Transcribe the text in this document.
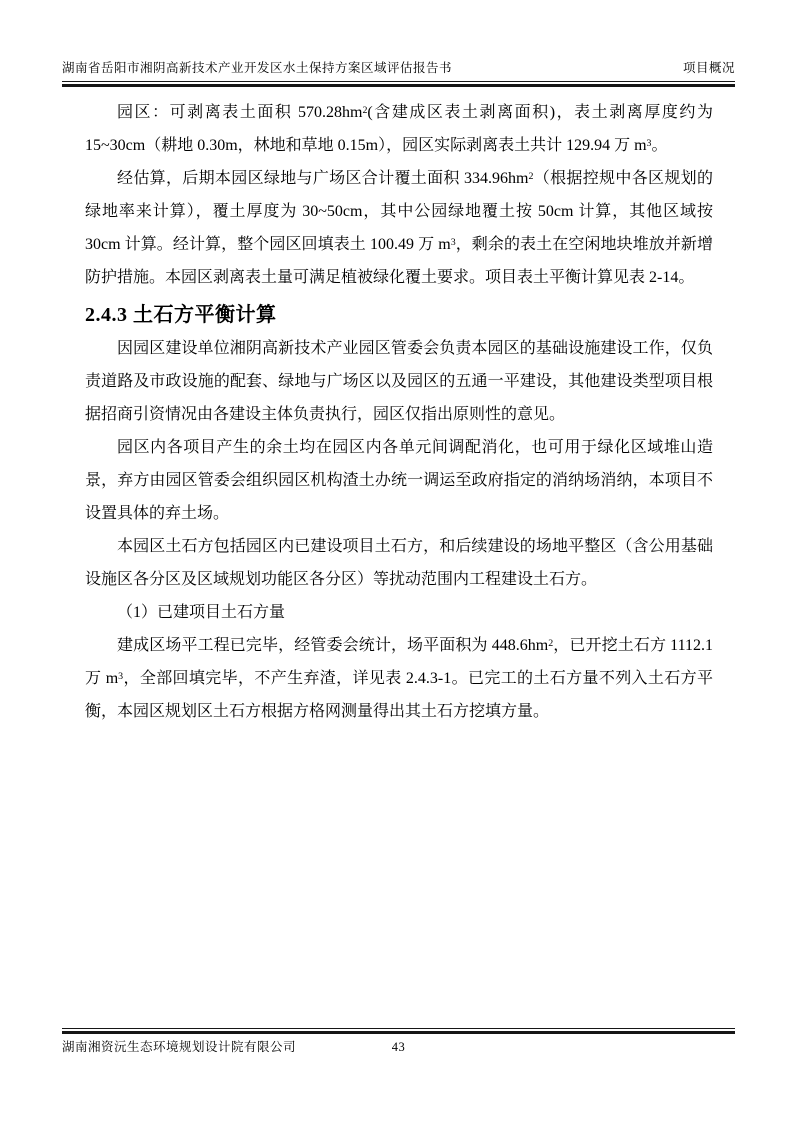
湖南省岳阳市湘阴高新技术产业开发区水土保持方案区域评估报告书	项目概况

园区：可剥离表土面积 $570.28hm^2$(含建成区表土剥离面积)，表土剥离厚度约为 15~30cm（耕地 0.30m，林地和草地 0.15m），园区实际剥离表土共计 129.94 万 $m^3$。

经估算，后期本园区绿地与广场区合计覆土面积 $334.96hm^2$（根据控规中各区规划的绿地率来计算），覆土厚度为 30~50cm，其中公园绿地覆土按 50cm 计算，其他区域按 30cm 计算。经计算，整个园区回填表土 100.49 万 $m^3$，剩余的表土在空闲地块堆放并新增防护措施。本园区剥离表土量可满足植被绿化覆土要求。项目表土平衡计算见表 2-14。

2.4.3 土石方平衡计算

因园区建设单位湘阴高新技术产业园区管委会负责本园区的基础设施建设工作，仅负责道路及市政设施的配套、绿地与广场区以及园区的五通一平建设，其他建设类型项目根据招商引资情况由各建设主体负责执行，园区仅指出原则性的意见。

园区内各项目产生的余土均在园区内各单元间调配消化，也可用于绿化区域堆山造景，弃方由园区管委会组织园区机构渣土办统一调运至政府指定的消纳场消纳，本项目不设置具体的弃土场。

本园区土石方包括园区内已建设项目土石方，和后续建设的场地平整区（含公用基础设施区各分区及区域规划功能区各分区）等扰动范围内工程建设土石方。

（1）已建项目土石方量

建成区场平工程已完毕，经管委会统计，场平面积为 $448.6hm^2$，已开挖土石方 1112.1 万 $m^3$，全部回填完毕，不产生弃渣，详见表 2.4.3-1。已完工的土石方量不列入土石方平衡，本园区规划区土石方根据方格网测量得出其土石方挖填方量。

湖南湘资沅生态环境规划设计院有限公司	43
